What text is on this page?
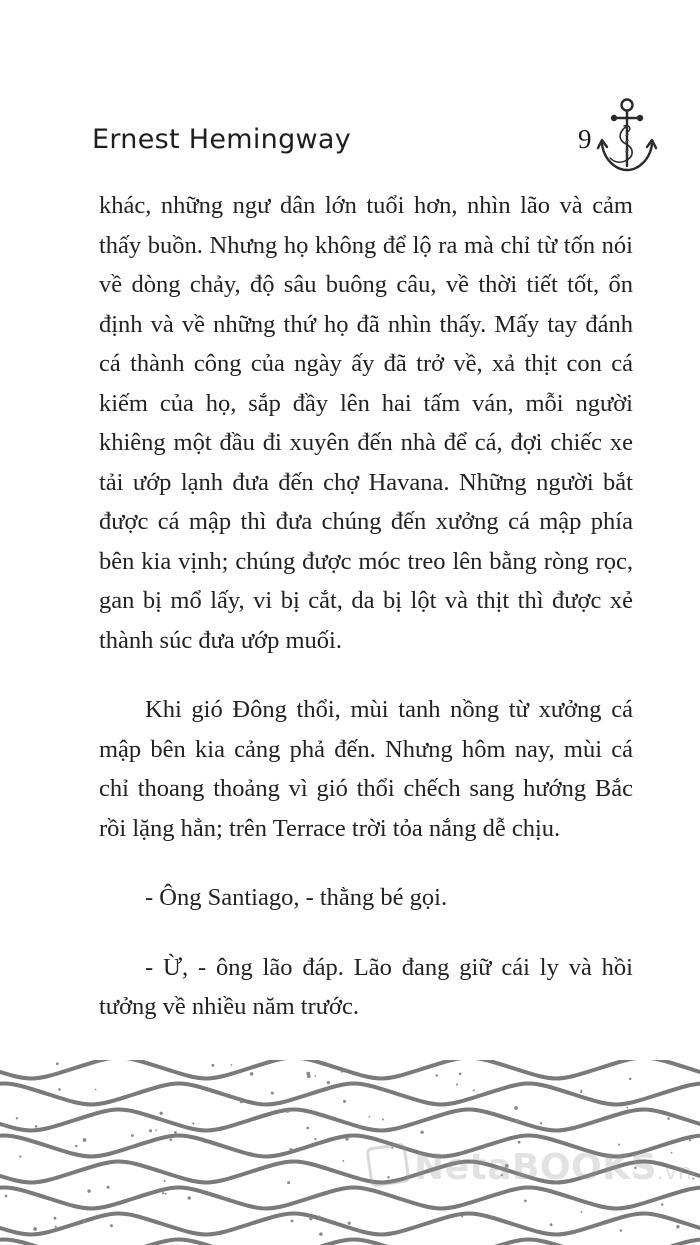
Ernest Hemingway	9

khác, những ngư dân lớn tuổi hơn, nhìn lão và cảm thấy buồn. Nhưng họ không để lộ ra mà chỉ từ tốn nói về dòng chảy, độ sâu buông câu, về thời tiết tốt, ổn định và về những thứ họ đã nhìn thấy. Mấy tay đánh cá thành công của ngày ấy đã trở về, xả thịt con cá kiếm của họ, sắp đầy lên hai tấm ván, mỗi người khiêng một đầu đi xuyên đến nhà để cá, đợi chiếc xe tải ướp lạnh đưa đến chợ Havana. Những người bắt được cá mập thì đưa chúng đến xưởng cá mập phía bên kia vịnh; chúng được móc treo lên bằng ròng rọc, gan bị mổ lấy, vi bị cắt, da bị lột và thịt thì được xẻ thành súc đưa ướp muối.

Khi gió Đông thổi, mùi tanh nồng từ xưởng cá mập bên kia cảng phả đến. Nhưng hôm nay, mùi cá chỉ thoang thoảng vì gió thổi chếch sang hướng Bắc rồi lặng hẳn; trên Terrace trời tỏa nắng dễ chịu.

- Ông Santiago, - thằng bé gọi.

- Ừ, - ông lão đáp. Lão đang giữ cái ly và hồi tưởng về nhiều năm trước.

NetaBOOKS.vn
